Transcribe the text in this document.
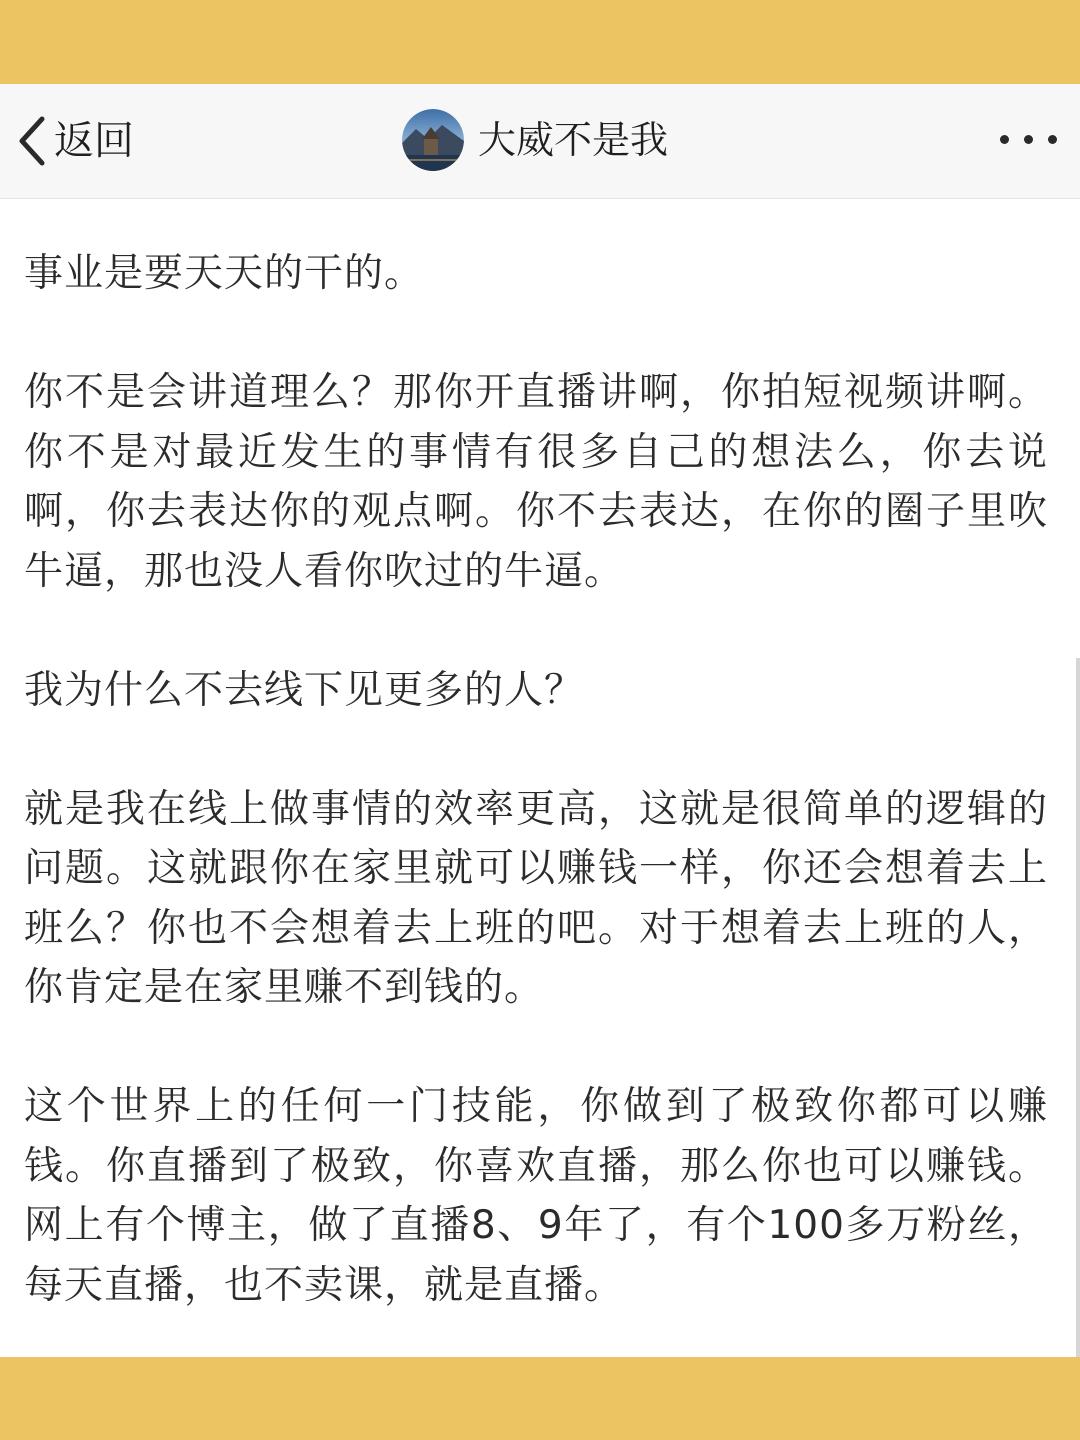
返回	大威不是我

事业是要天天的干的。

你不是会讲道理么？那你开直播讲啊，你拍短视频讲啊。你不是对最近发生的事情有很多自己的想法么，你去说啊，你去表达你的观点啊。你不去表达，在你的圈子里吹牛逼，那也没人看你吹过的牛逼。

我为什么不去线下见更多的人？

就是我在线上做事情的效率更高，这就是很简单的逻辑的问题。这就跟你在家里就可以赚钱一样，你还会想着去上班么？你也不会想着去上班的吧。对于想着去上班的人，你肯定是在家里赚不到钱的。

这个世界上的任何一门技能，你做到了极致你都可以赚钱。你直播到了极致，你喜欢直播，那么你也可以赚钱。网上有个博主，做了直播8、9年了，有个100多万粉丝，每天直播，也不卖课，就是直播。
